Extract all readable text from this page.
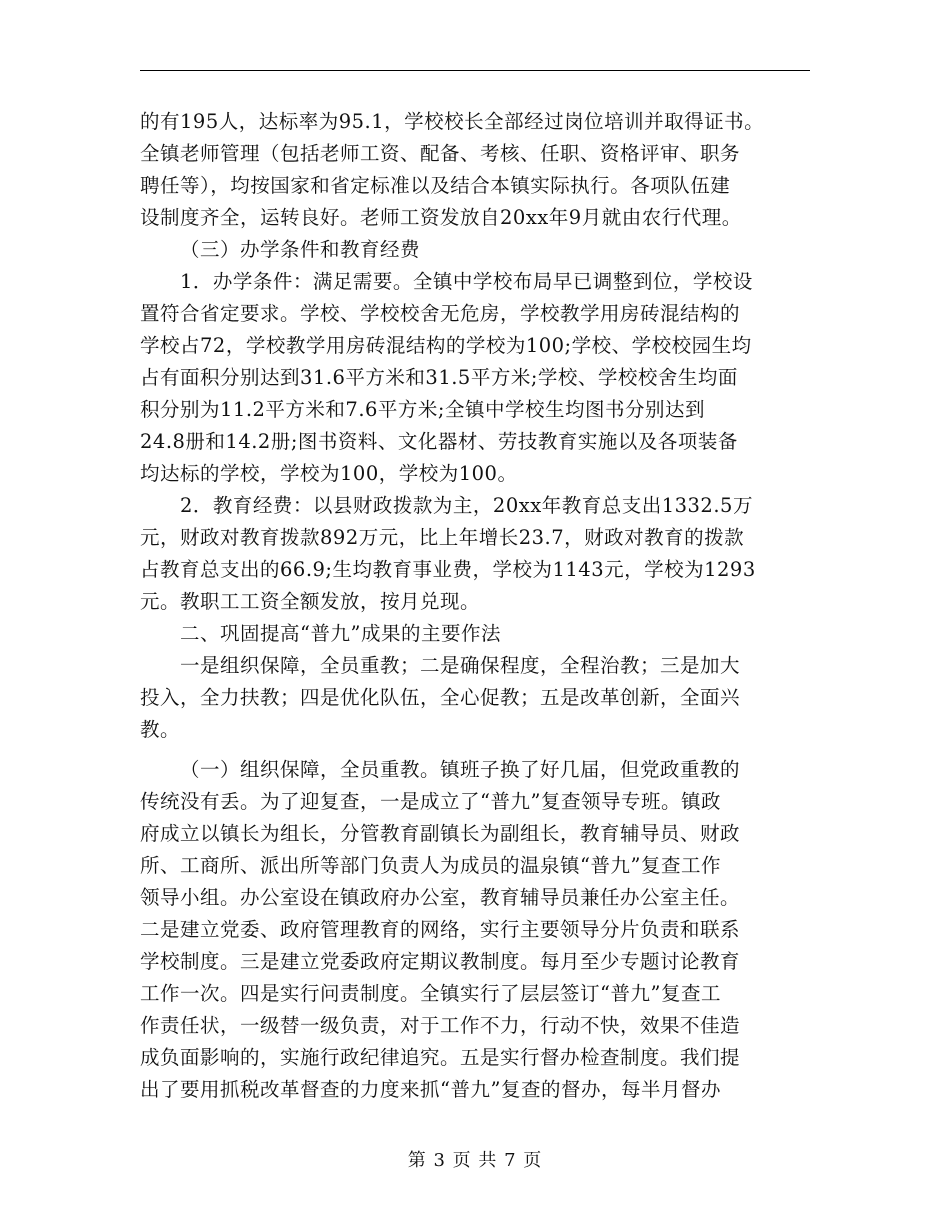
的有195人，达标率为95.1，学校校长全部经过岗位培训并取得证书。
全镇老师管理（包括老师工资、配备、考核、任职、资格评审、职务
聘任等），均按国家和省定标准以及结合本镇实际执行。各项队伍建
设制度齐全，运转良好。老师工资发放自20xx年9月就由农行代理。
（三）办学条件和教育经费
1．办学条件：满足需要。全镇中学校布局早已调整到位，学校设
置符合省定要求。学校、学校校舍无危房，学校教学用房砖混结构的
学校占72，学校教学用房砖混结构的学校为100;学校、学校校园生均
占有面积分别达到31.6平方米和31.5平方米;学校、学校校舍生均面
积分别为11.2平方米和7.6平方米;全镇中学校生均图书分别达到
24.8册和14.2册;图书资料、文化器材、劳技教育实施以及各项装备
均达标的学校，学校为100，学校为100。
2．教育经费：以县财政拨款为主，20xx年教育总支出1332.5万
元，财政对教育拨款892万元，比上年增长23.7，财政对教育的拨款
占教育总支出的66.9;生均教育事业费，学校为1143元，学校为1293
元。教职工工资全额发放，按月兑现。
二、巩固提高“普九”成果的主要作法
一是组织保障，全员重教；二是确保程度，全程治教；三是加大
投入，全力扶教；四是优化队伍，全心促教；五是改革创新，全面兴
教。
（一）组织保障，全员重教。镇班子换了好几届，但党政重教的
传统没有丢。为了迎复查，一是成立了“普九”复查领导专班。镇政
府成立以镇长为组长，分管教育副镇长为副组长，教育辅导员、财政
所、工商所、派出所等部门负责人为成员的温泉镇“普九”复查工作
领导小组。办公室设在镇政府办公室，教育辅导员兼任办公室主任。
二是建立党委、政府管理教育的网络，实行主要领导分片负责和联系
学校制度。三是建立党委政府定期议教制度。每月至少专题讨论教育
工作一次。四是实行问责制度。全镇实行了层层签订“普九”复查工
作责任状，一级替一级负责，对于工作不力，行动不快，效果不佳造
成负面影响的，实施行政纪律追究。五是实行督办检查制度。我们提
出了要用抓税改革督查的力度来抓“普九”复查的督办，每半月督办
第 3 页 共 7 页
